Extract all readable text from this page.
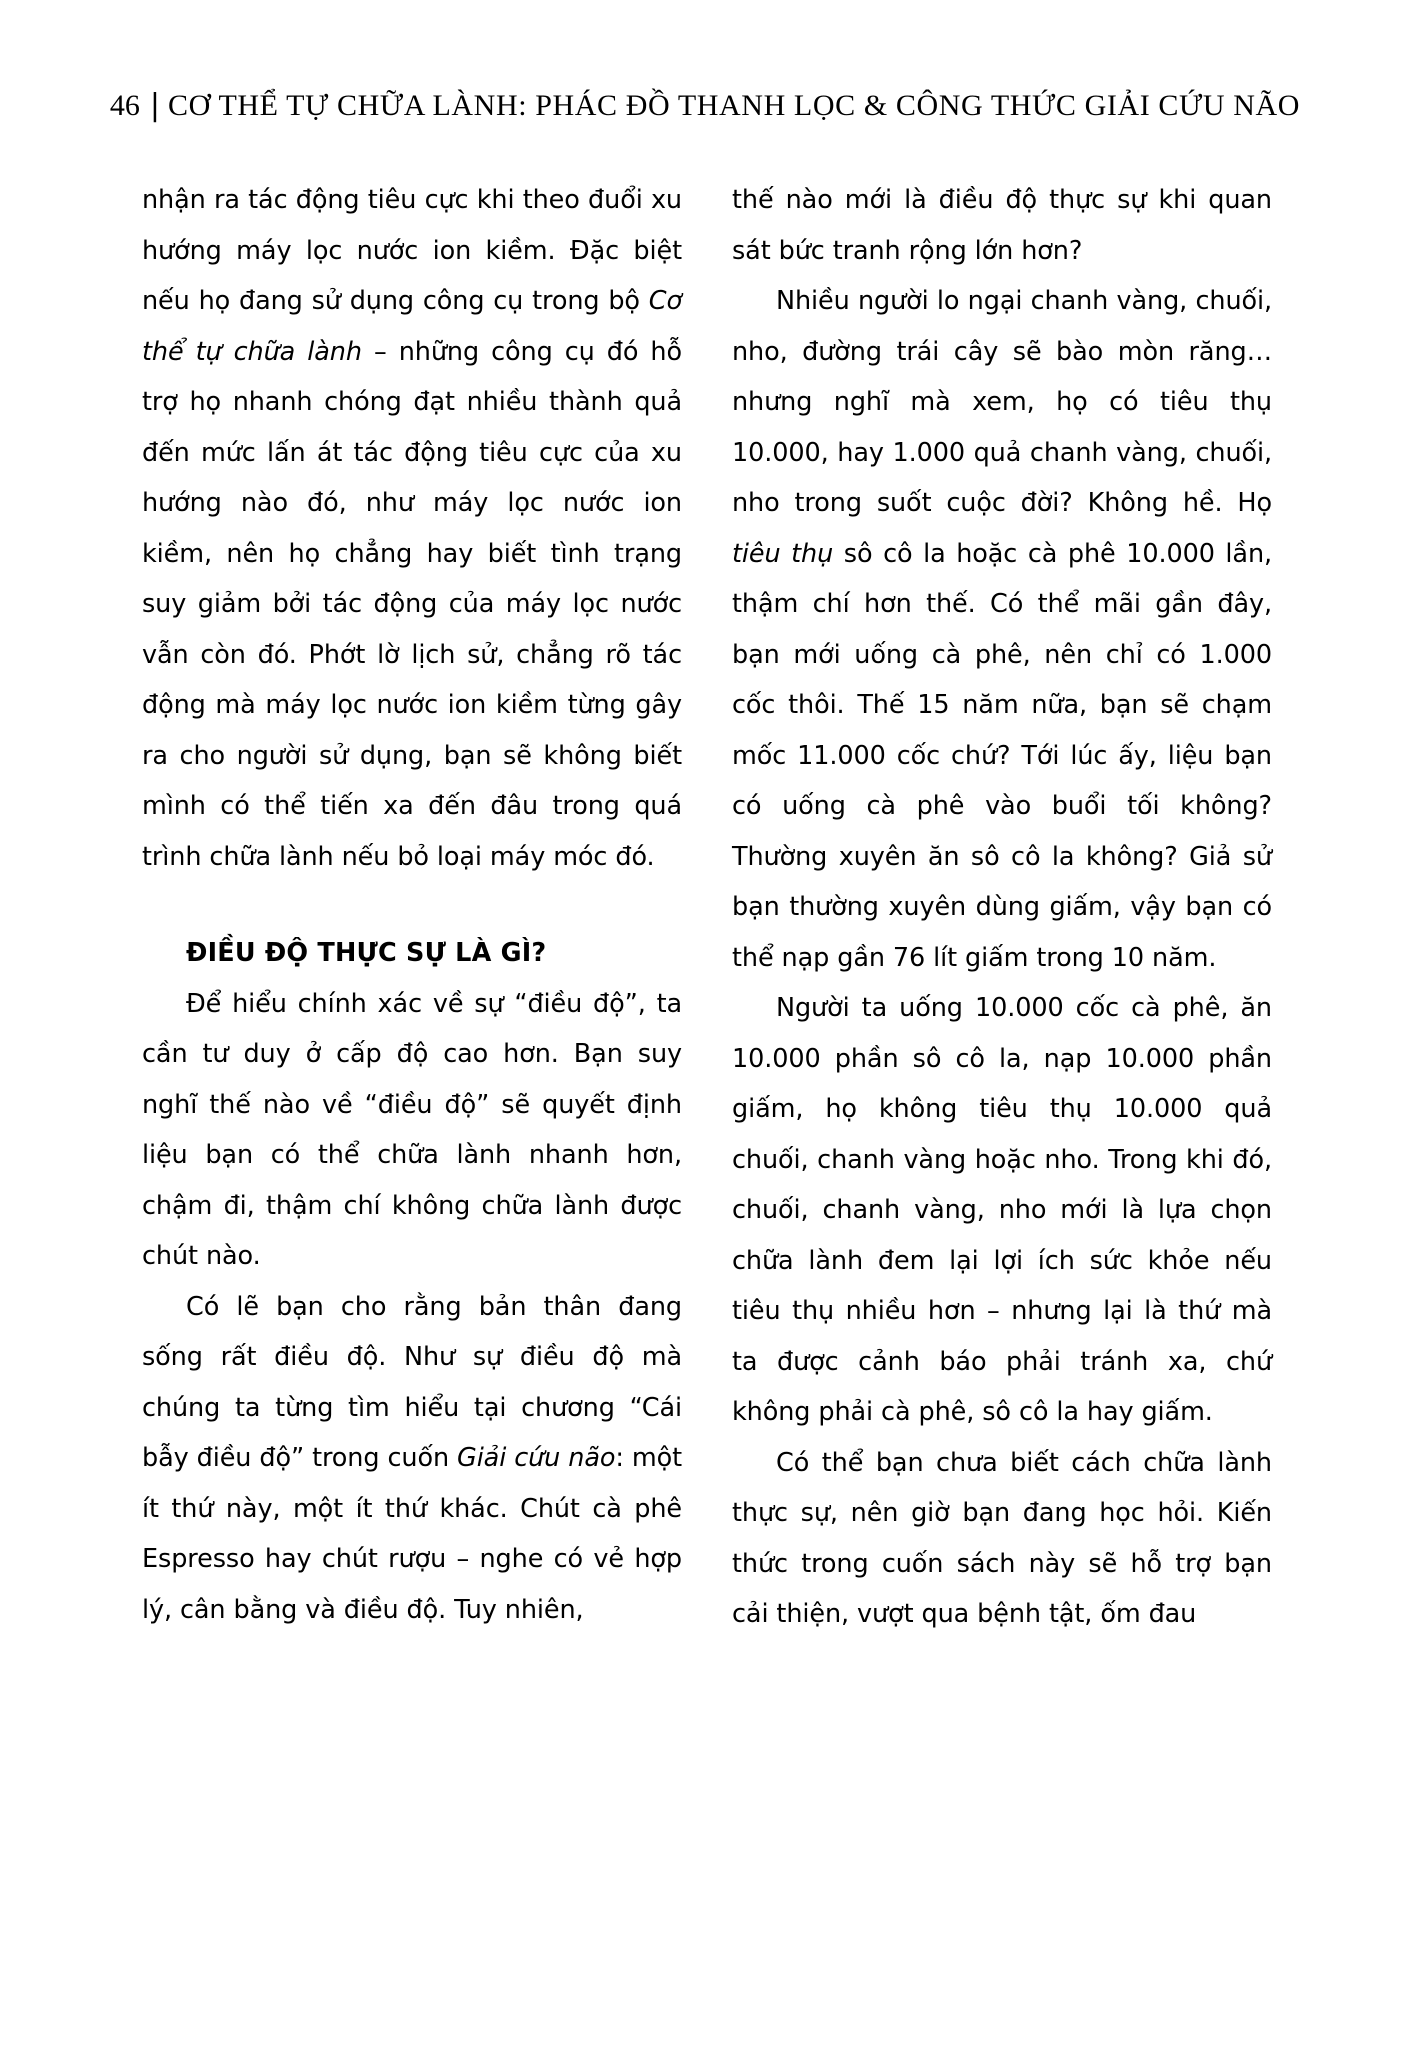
46 | CƠ THỂ TỰ CHỮA LÀNH: PHÁC ĐỒ THANH LỌC & CÔNG THỨC GIẢI CỨU NÃO

nhận ra tác động tiêu cực khi theo đuổi xu hướng máy lọc nước ion kiềm. Đặc biệt nếu họ đang sử dụng công cụ trong bộ Cơ thể tự chữa lành – những công cụ đó hỗ trợ họ nhanh chóng đạt nhiều thành quả đến mức lấn át tác động tiêu cực của xu hướng nào đó, như máy lọc nước ion kiềm, nên họ chẳng hay biết tình trạng suy giảm bởi tác động của máy lọc nước vẫn còn đó. Phớt lờ lịch sử, chẳng rõ tác động mà máy lọc nước ion kiềm từng gây ra cho người sử dụng, bạn sẽ không biết mình có thể tiến xa đến đâu trong quá trình chữa lành nếu bỏ loại máy móc đó.

ĐIỀU ĐỘ THỰC SỰ LÀ GÌ?

Để hiểu chính xác về sự “điều độ”, ta cần tư duy ở cấp độ cao hơn. Bạn suy nghĩ thế nào về “điều độ” sẽ quyết định liệu bạn có thể chữa lành nhanh hơn, chậm đi, thậm chí không chữa lành được chút nào.

Có lẽ bạn cho rằng bản thân đang sống rất điều độ. Như sự điều độ mà chúng ta từng tìm hiểu tại chương “Cái bẫy điều độ” trong cuốn Giải cứu não: một ít thứ này, một ít thứ khác. Chút cà phê Espresso hay chút rượu – nghe có vẻ hợp lý, cân bằng và điều độ. Tuy nhiên,

thế nào mới là điều độ thực sự khi quan sát bức tranh rộng lớn hơn?

Nhiều người lo ngại chanh vàng, chuối, nho, đường trái cây sẽ bào mòn răng… nhưng nghĩ mà xem, họ có tiêu thụ 10.000, hay 1.000 quả chanh vàng, chuối, nho trong suốt cuộc đời? Không hề. Họ tiêu thụ sô cô la hoặc cà phê 10.000 lần, thậm chí hơn thế. Có thể mãi gần đây, bạn mới uống cà phê, nên chỉ có 1.000 cốc thôi. Thế 15 năm nữa, bạn sẽ chạm mốc 11.000 cốc chứ? Tới lúc ấy, liệu bạn có uống cà phê vào buổi tối không? Thường xuyên ăn sô cô la không? Giả sử bạn thường xuyên dùng giấm, vậy bạn có thể nạp gần 76 lít giấm trong 10 năm.

Người ta uống 10.000 cốc cà phê, ăn 10.000 phần sô cô la, nạp 10.000 phần giấm, họ không tiêu thụ 10.000 quả chuối, chanh vàng hoặc nho. Trong khi đó, chuối, chanh vàng, nho mới là lựa chọn chữa lành đem lại lợi ích sức khỏe nếu tiêu thụ nhiều hơn – nhưng lại là thứ mà ta được cảnh báo phải tránh xa, chứ không phải cà phê, sô cô la hay giấm.

Có thể bạn chưa biết cách chữa lành thực sự, nên giờ bạn đang học hỏi. Kiến thức trong cuốn sách này sẽ hỗ trợ bạn cải thiện, vượt qua bệnh tật, ốm đau
